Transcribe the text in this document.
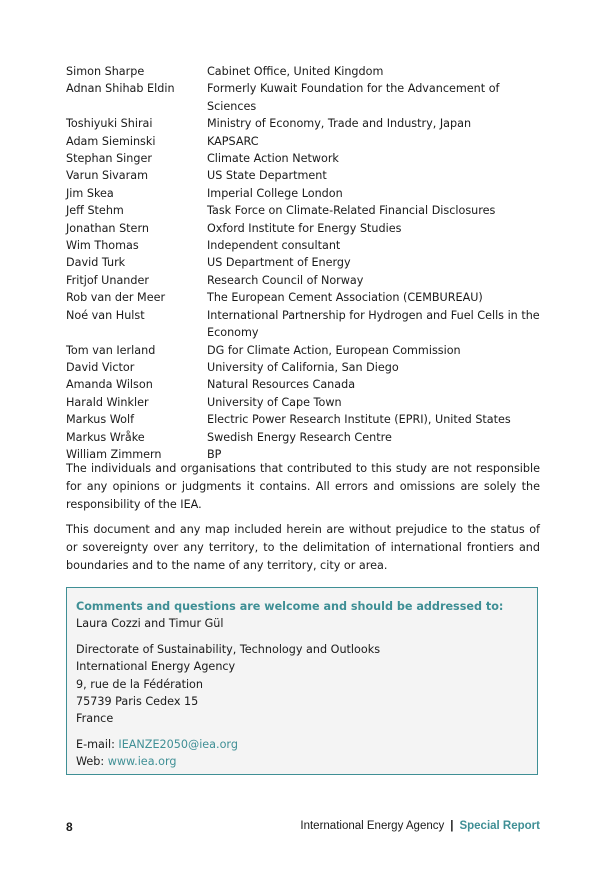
Simon Sharpe	Cabinet Office, United Kingdom
Adnan Shihab Eldin	Formerly Kuwait Foundation for the Advancement of Sciences
Toshiyuki Shirai	Ministry of Economy, Trade and Industry, Japan
Adam Sieminski	KAPSARC
Stephan Singer	Climate Action Network
Varun Sivaram	US State Department
Jim Skea	Imperial College London
Jeff Stehm	Task Force on Climate-Related Financial Disclosures
Jonathan Stern	Oxford Institute for Energy Studies
Wim Thomas	Independent consultant
David Turk	US Department of Energy
Fritjof Unander	Research Council of Norway
Rob van der Meer	The European Cement Association (CEMBUREAU)
Noé van Hulst	International Partnership for Hydrogen and Fuel Cells in the Economy
Tom van Ierland	DG for Climate Action, European Commission
David Victor	University of California, San Diego
Amanda Wilson	Natural Resources Canada
Harald Winkler	University of Cape Town
Markus Wolf	Electric Power Research Institute (EPRI), United States
Markus Wråke	Swedish Energy Research Centre
William Zimmern	BP

The individuals and organisations that contributed to this study are not responsible for any opinions or judgments it contains. All errors and omissions are solely the responsibility of the IEA.

This document and any map included herein are without prejudice to the status of or sovereignty over any territory, to the delimitation of international frontiers and boundaries and to the name of any territory, city or area.

Comments and questions are welcome and should be addressed to:

Laura Cozzi and Timur Gül

Directorate of Sustainability, Technology and Outlooks

International Energy Agency

9, rue de la Fédération

75739 Paris Cedex 15

France

E-mail: IEANZE2050@iea.org

Web: www.iea.org

8	International Energy Agency | Special Report
